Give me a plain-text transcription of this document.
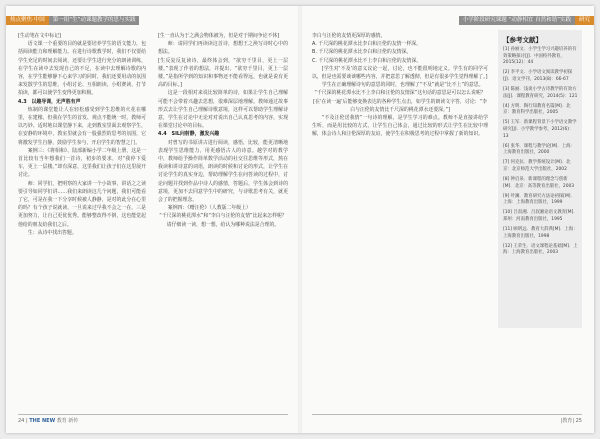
热点聚焦·中国 第一组“生”动课题教学的思与实践

[生动笔在文中标记]

语文课一个重要的目的就是要培养学生的语文能力，包括阅读能力和理解能力。在进行诗歌教学时，我们不仅要给学生充足的时间去阅读，还要让学生进行充分的朗读训练，在学生在读中去发现自己的不足，在读中去理解诗歌的内容，在学生能够静下心来学习的同时，我们还要用动的氛围来发散学生的思维，小组讨论、互相朗读、小组赛读、打节拍读，都可以使学生变得更加积极。

4.3　以趣导课，无声胜有声

炼制的课堂能让人在轻松感受到学生思维的火花在哪里，在建橡，但我在学生的首发、观点不能统一时，教师可以巧妙、适时地以课堂静下来，走到教室里面去观察学生，在安静的环境中，教室里就会有一股强烈的思考的氛围，它将激发学生自静，鼓励学生参与，开启学生的智慧之门。

案例三：《将相和》、陆部新编小学二年级上册，这是一首比较有当年想我们一首诗，初步的要求，对“我停下爱车，更上一层楼。”却有深意，这里我们让孩子们在这里展开讨论。

师：同学们，把明察的大家讲一个小故事，讲话之之读要引导如同学们讲……我们来朗读这几个问题，我们可能看了它，可是在我一下分享时候被人静静，是对的此分在心里的吗？有个孩子说就读，一旦说来过早我不会之一在，三是更加努力，让自己更优优秀。能够整改得不倒，这也能觉起他给的朋友给我们之后。

生：从诗中找出答题。

[生一直认为于之满会物体被为，但是对于期间争论不休]

师：请同学们再读读这首诗，想想王之涣写诗时心中的想法。

[生反复反复读诗，最终体会到，“欲穷千里目，更上一层楼。”表现了作者的想法，并提出，“欲穷千里目，更上一层楼。”是指所学到的知识和事物还不能看得远，也就是说有更高的目标。]

这是一段相对来说比较简单的诗，如果让学生自己理解可能不会带着兴趣去思想，很难深层地理解。教师通过故事形式去让学生自己理解诗歌意境，这样可以帮助学生理解诗意，学生在讨论中无论对对说出自己认真思考的内容，实现在课堂讨论中的目标。

4.4　SIL问射静，激发兴趣

对曾写的书原讲古进行阅读，感悟，比较，能更清晰地表现学生思维能力，用更感悟古人的诗意。越学对的教学中，教师给予操作简单数学活动的社交往思维等形式，熬在我读和讲诗意的词语，朗读的时候和讨论的形式，让学生在讨论学生的真实身边，帮助理解学生在问答读的过程中，讨论问题并找到作品中诗人的感情，答题后，学生体会到诗的意境，更加不去同意学生中的研究，与诗歌思考有关，就更会了的把握理念。

案例四：《赠汪伦》（人教版二年级上）

“千尺深的桃花潭水”和“李白与汪伦的友情”比起来怎样呢？请仔细读一读，想一想，给认为哪种说法是合理的。

24 | THE NEW 教育 新传
小学阶段研究课题 “动静相宜 自然和谐”实践 研究

李白与汪伦的友情更深厚的感情。

A. 千尺深的桃花潭水比李白和汪伦的友情一样深。

B. 千尺深的桃花潭水比李白和汪伦的友情深。

C. 千尺深的桃花潭水比不上李白和汪伦的友情深。

[学生对‘不及’的意义议论一起，讨论，也不能很明地定义。学生有的同学可以，但是也需要谈谈哪些内容，并把意思了解透彻，但是有很多学生觉得理解了。]

学生在正确理解诗句的意思的同时，也理解了“不及”就是“比不上”的意思。

“千尺深的桃花潭水比不上李白和汪伦的友情深”这句话的意思是可以怎么说呢？[在‘在读一遍’后能够变换表达的各种学生点击，如学生的朗读文字答，讨论：“李白与汪伦的友情比千尺深的桃花潭水还要深。”]

“不及汪伦送我情”一句诗的理解，是学生学习的难点。教师不是直接讲给学生听，而是用比较的方式，让学生自己体会，通过比较的形式让学生在比较中理解，体会诗人和汪伦深厚的友谊，使学生在积极思考的过程中掌握了新的知识。

【参考文献】
[1] 孙丽文．小学生学习兴趣培养的有效策略探讨[J]．中国校外教育，2015(12)：44
[2] 李平文．小学语文阅读教学初探[J]．语文学刊，2013(8)：66-67
[3] 陈丽．浅谈小学古诗教学的有效方法[J]．课程教育研究，2014(5)：121
[4] 方明．陶行知教育名篇[M]．北京：教育科学出版社，2005
[5] 王军．新课程背景下小学语文教学研究[J]．小学教学参考，2012(6)：13
[6] 张华．课程与教学论[M]．上海：上海教育出版社，2000
[7] 何克抗．教学系统设计[M]．北京：北京师范大学出版社，2002
[8] 钟启泉．新课程的理念与创新[M]．北京：高等教育出版社，2003
[9] 叶澜．教育研究方法论初探[M]．上海：上海教育出版社，1999
[10] 吕叔湘．吕叔湘论语文教育[M]．郑州：河南教育出版社，1995
[11] 顾明远．教育大辞典[M]．上海：上海教育出版社，1998
[12] 王荣生．语文课程论基础[M]．上海：上海教育出版社，2003
|教育| 25
